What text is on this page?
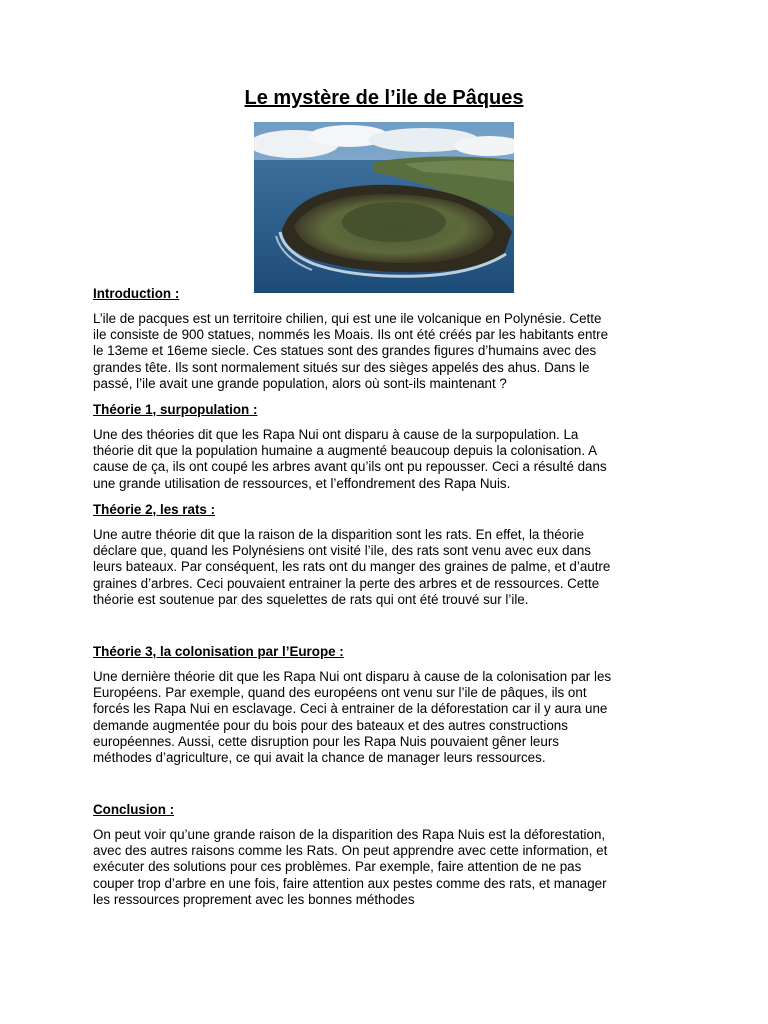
Le mystère de l’ile de Pâques
Introduction :
L’ile de pacques est un territoire chilien, qui est une ile volcanique en Polynésie. Cette
ile consiste de 900 statues, nommés les Moais. Ils ont été créés par les habitants entre
le 13eme et 16eme siecle. Ces statues sont des grandes figures d’humains avec des
grandes tête. Ils sont normalement situés sur des sièges appelés des ahus. Dans le
passé, l’ile avait une grande population, alors où sont-ils maintenant ?
Théorie 1, surpopulation :
Une des théories dit que les Rapa Nui ont disparu à cause de la surpopulation. La
théorie dit que la population humaine a augmenté beaucoup depuis la colonisation. A
cause de ça, ils ont coupé les arbres avant qu’ils ont pu repousser. Ceci a résulté dans
une grande utilisation de ressources, et l’effondrement des Rapa Nuis.
Théorie 2, les rats :
Une autre théorie dit que la raison de la disparition sont les rats. En effet, la théorie
déclare que, quand les Polynésiens ont visité l’ile, des rats sont venu avec eux dans
leurs bateaux. Par conséquent, les rats ont du manger des graines de palme, et d’autre
graines d’arbres. Ceci pouvaient entrainer la perte des arbres et de ressources. Cette
théorie est soutenue par des squelettes de rats qui ont été trouvé sur l’ile.
Théorie 3, la colonisation par l’Europe :
Une dernière théorie dit que les Rapa Nui ont disparu à cause de la colonisation par les
Européens. Par exemple, quand des européens ont venu sur l’ile de pâques, ils ont
forcés les Rapa Nui en esclavage. Ceci à entrainer de la déforestation car il y aura une
demande augmentée pour du bois pour des bateaux et des autres constructions
européennes. Aussi, cette disruption pour les Rapa Nuis pouvaient gêner leurs
méthodes d’agriculture, ce qui avait la chance de manager leurs ressources.
Conclusion :
On peut voir qu’une grande raison de la disparition des Rapa Nuis est la déforestation,
avec des autres raisons comme les Rats. On peut apprendre avec cette information, et
exécuter des solutions pour ces problèmes. Par exemple, faire attention de ne pas
couper trop d’arbre en une fois, faire attention aux pestes comme des rats, et manager
les ressources proprement avec les bonnes méthodes
